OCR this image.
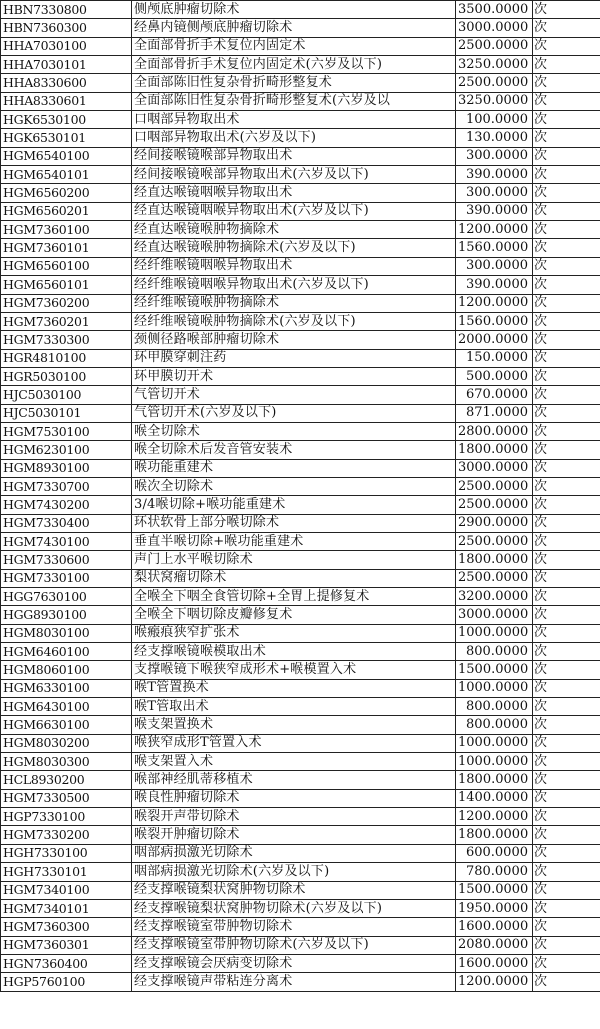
HBN7330800	侧颅底肿瘤切除术	3500.0000	次
HBN7360300	经鼻内镜侧颅底肿瘤切除术	3000.0000	次
HHA7030100	全面部骨折手术复位内固定术	2500.0000	次
HHA7030101	全面部骨折手术复位内固定术(六岁及以下)	3250.0000	次
HHA8330600	全面部陈旧性复杂骨折畸形整复术	2500.0000	次
HHA8330601	全面部陈旧性复杂骨折畸形整复术(六岁及以	3250.0000	次
HGK6530100	口咽部异物取出术	100.0000	次
HGK6530101	口咽部异物取出术(六岁及以下)	130.0000	次
HGM6540100	经间接喉镜喉部异物取出术	300.0000	次
HGM6540101	经间接喉镜喉部异物取出术(六岁及以下)	390.0000	次
HGM6560200	经直达喉镜咽喉异物取出术	300.0000	次
HGM6560201	经直达喉镜咽喉异物取出术(六岁及以下)	390.0000	次
HGM7360100	经直达喉镜喉肿物摘除术	1200.0000	次
HGM7360101	经直达喉镜喉肿物摘除术(六岁及以下)	1560.0000	次
HGM6560100	经纤维喉镜咽喉异物取出术	300.0000	次
HGM6560101	经纤维喉镜咽喉异物取出术(六岁及以下)	390.0000	次
HGM7360200	经纤维喉镜喉肿物摘除术	1200.0000	次
HGM7360201	经纤维喉镜喉肿物摘除术(六岁及以下)	1560.0000	次
HGM7330300	颈侧径路喉部肿瘤切除术	2000.0000	次
HGR4810100	环甲膜穿刺注药	150.0000	次
HGR5030100	环甲膜切开术	500.0000	次
HJC5030100	气管切开术	670.0000	次
HJC5030101	气管切开术(六岁及以下)	871.0000	次
HGM7530100	喉全切除术	2800.0000	次
HGM6230100	喉全切除术后发音管安装术	1800.0000	次
HGM8930100	喉功能重建术	3000.0000	次
HGM7330700	喉次全切除术	2500.0000	次
HGM7430200	3/4喉切除+喉功能重建术	2500.0000	次
HGM7330400	环状软骨上部分喉切除术	2900.0000	次
HGM7430100	垂直半喉切除+喉功能重建术	2500.0000	次
HGM7330600	声门上水平喉切除术	1800.0000	次
HGM7330100	梨状窝瘤切除术	2500.0000	次
HGG7630100	全喉全下咽全食管切除+全胃上提修复术	3200.0000	次
HGG8930100	全喉全下咽切除皮瓣修复术	3000.0000	次
HGM8030100	喉瘢痕狭窄扩张术	1000.0000	次
HGM6460100	经支撑喉镜喉模取出术	800.0000	次
HGM8060100	支撑喉镜下喉狭窄成形术+喉模置入术	1500.0000	次
HGM6330100	喉T管置换术	1000.0000	次
HGM6430100	喉T管取出术	800.0000	次
HGM6630100	喉支架置换术	800.0000	次
HGM8030200	喉狭窄成形T管置入术	1000.0000	次
HGM8030300	喉支架置入术	1000.0000	次
HCL8930200	喉部神经肌蒂移植术	1800.0000	次
HGM7330500	喉良性肿瘤切除术	1400.0000	次
HGP7330100	喉裂开声带切除术	1200.0000	次
HGM7330200	喉裂开肿瘤切除术	1800.0000	次
HGH7330100	咽部病损激光切除术	600.0000	次
HGH7330101	咽部病损激光切除术(六岁及以下)	780.0000	次
HGM7340100	经支撑喉镜梨状窝肿物切除术	1500.0000	次
HGM7340101	经支撑喉镜梨状窝肿物切除术(六岁及以下)	1950.0000	次
HGM7360300	经支撑喉镜室带肿物切除术	1600.0000	次
HGM7360301	经支撑喉镜室带肿物切除术(六岁及以下)	2080.0000	次
HGN7360400	经支撑喉镜会厌病变切除术	1600.0000	次
HGP5760100	经支撑喉镜声带粘连分离术	1200.0000	次
